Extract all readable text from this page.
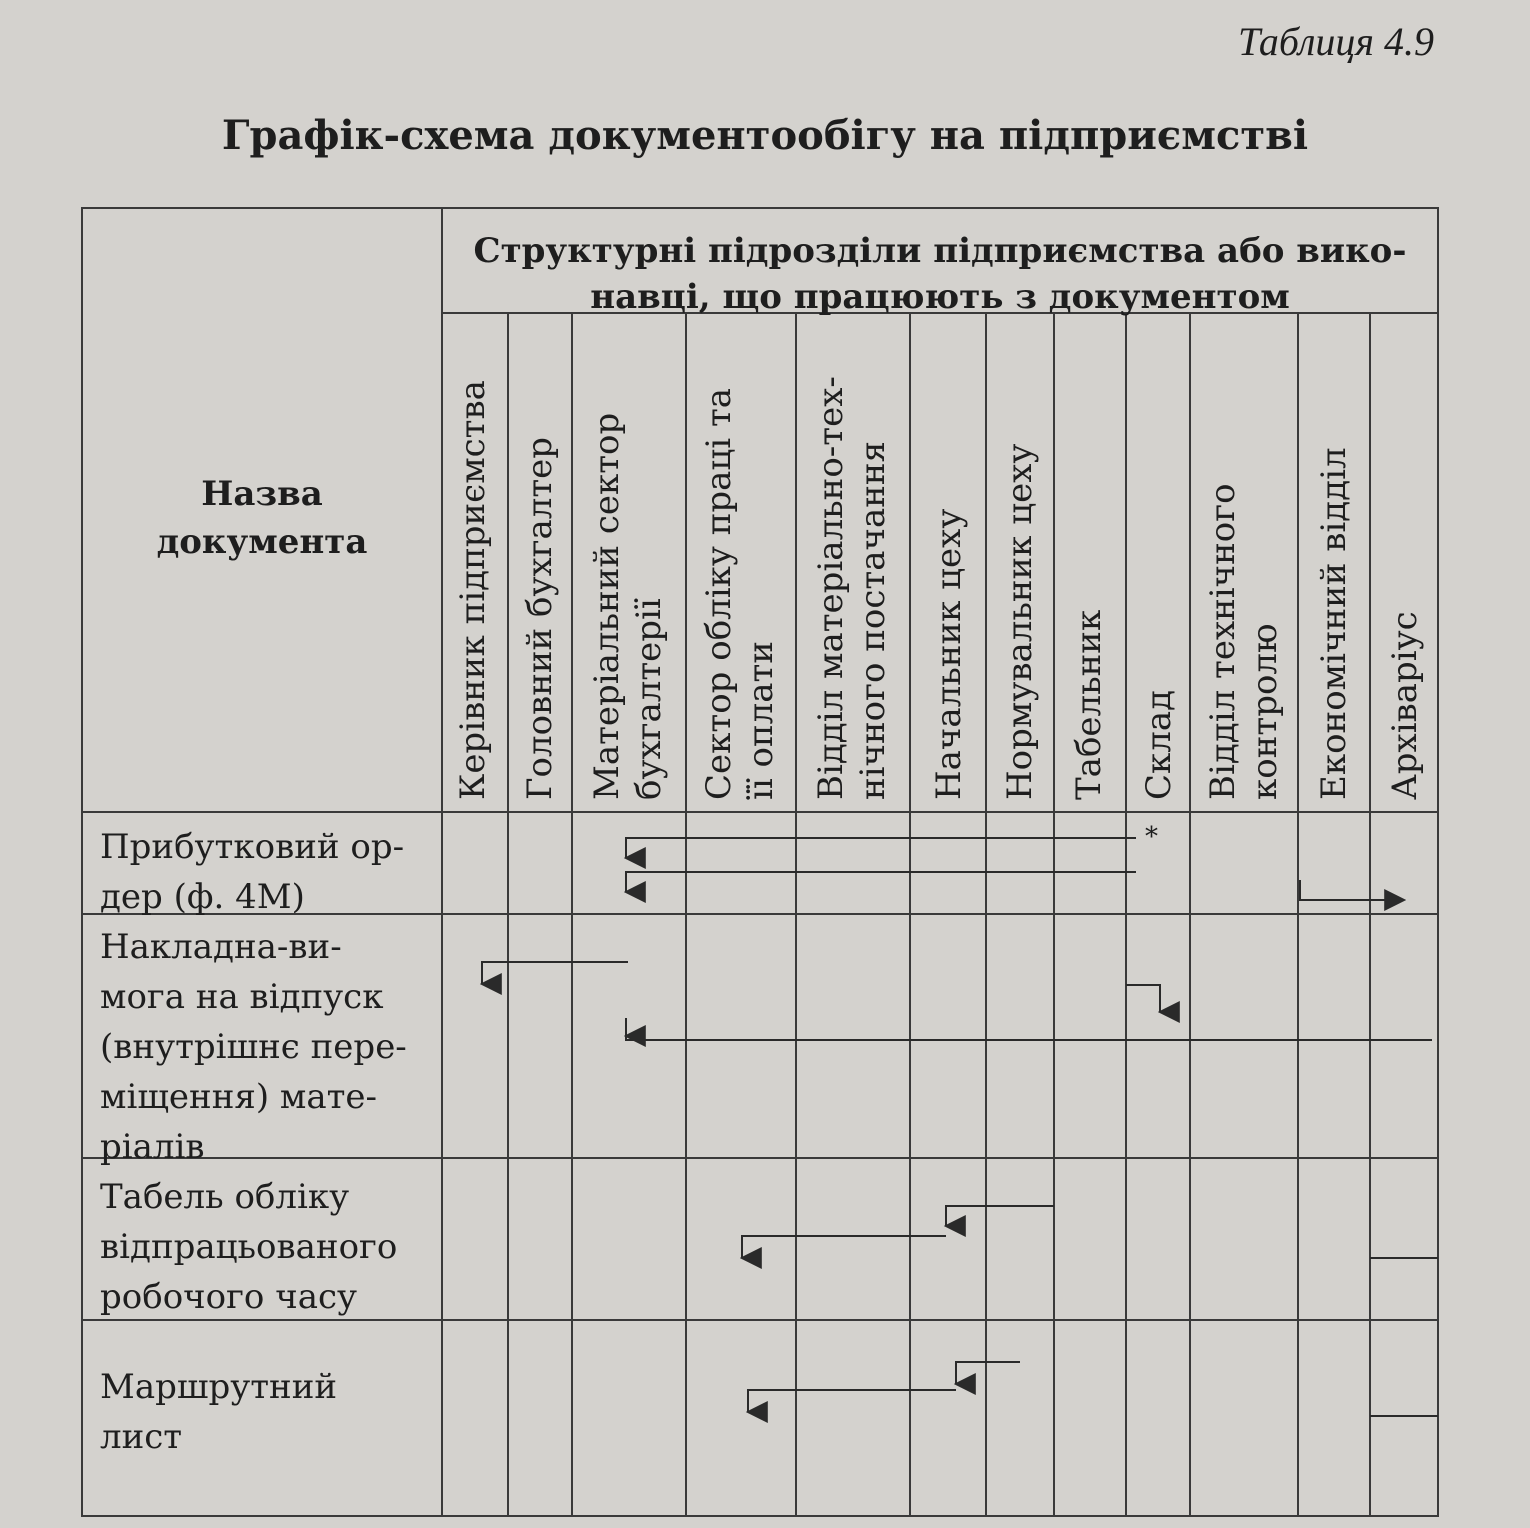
Таблиця 4.9
Графік-схема документообігу на підприємстві
Назва
документа
Структурні підрозділи підприємства або вико-
навці, що працюють з документом
Керівник підприємства Головний бухгалтер Матеріальний сектор бухгалтерії Сектор обліку праці та її оплати Відділ матеріально-тех- нічного постачання Начальник цеху Нормувальник цеху Табельник Склад Відділ технічного контролю Економічний відділ Архіваріус
Прибутковий ор-
дер (ф. 4М)
Накладна-ви-
мога на відпуск
(внутрішнє пере-
міщення) мате-
ріалів
Табель обліку
відпрацьованого
робочого часу
Маршрутний
лист
*
